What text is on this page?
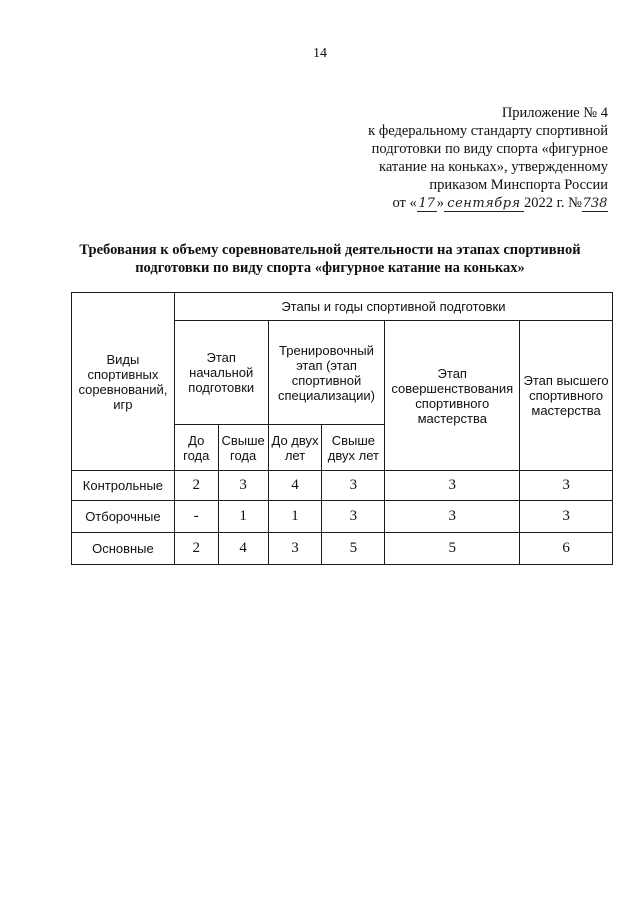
14
Приложение № 4
к федеральному стандарту спортивной
подготовки по виду спорта «фигурное
катание на коньках», утвержденному
приказом Минспорта России
от « 17 » сентября 2022 г. № 738
Требования к объему соревновательной деятельности на этапах спортивной подготовки по виду спорта «фигурное катание на коньках»
Виды спортивных соревнований, игр	Этапы и годы спортивной подготовки					
	Этап начальной подготовки		Тренировочный этап (этап спортивной специализации)		Этап совершенствования спортивного мастерства	Этап высшего спортивного мастерства
	До года	Свыше года	До двух лет	Свыше двух лет		
Контрольные	2	3	4	3	3	3
Отборочные	-	1	1	3	3	3
Основные	2	4	3	5	5	6
